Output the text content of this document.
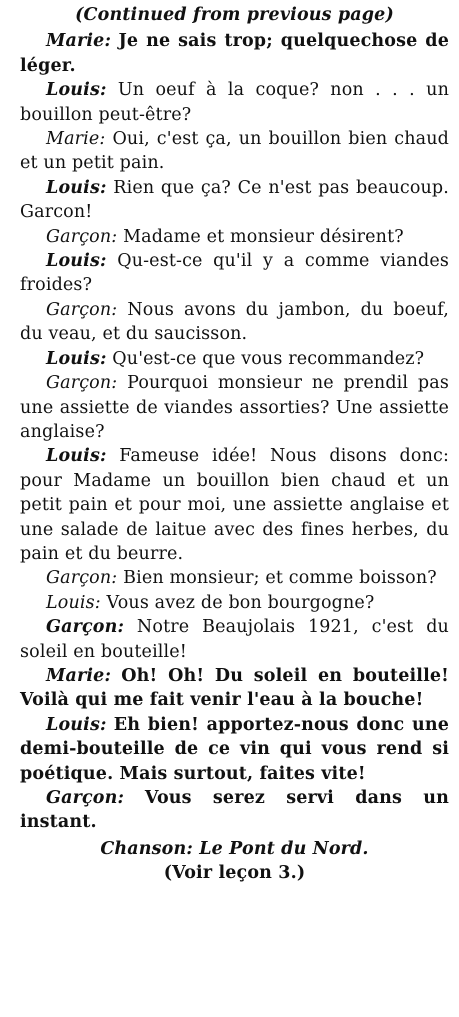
(Continued from previous page)

Marie: Je ne sais trop; quelquechose de léger.

Louis: Un oeuf à la coque? non . . . un bouillon peut-être?

Marie: Oui, c'est ça, un bouillon bien chaud et un petit pain.

Louis: Rien que ça? Ce n'est pas beaucoup. Garcon!

Garçon: Madame et monsieur désirent?

Louis: Qu-est-ce qu'il y a comme viandes froides?

Garçon: Nous avons du jambon, du boeuf, du veau, et du saucisson.

Louis: Qu'est-ce que vous recommandez?

Garçon: Pourquoi monsieur ne prendil pas une assiette de viandes assorties? Une assiette anglaise?

Louis: Fameuse idée! Nous disons donc: pour Madame un bouillon bien chaud et un petit pain et pour moi, une assiette anglaise et une salade de laitue avec des fines herbes, du pain et du beurre.

Garçon: Bien monsieur; et comme boisson?

Louis: Vous avez de bon bourgogne?

Garçon: Notre Beaujolais 1921, c'est du soleil en bouteille!

Marie: Oh! Oh! Du soleil en bouteille! Voilà qui me fait venir l'eau à la bouche!

Louis: Eh bien! apportez-nous donc une demi-bouteille de ce vin qui vous rend si poétique. Mais surtout, faites vite!

Garçon: Vous serez servi dans un instant.

Chanson: Le Pont du Nord.
(Voir leçon 3.)
